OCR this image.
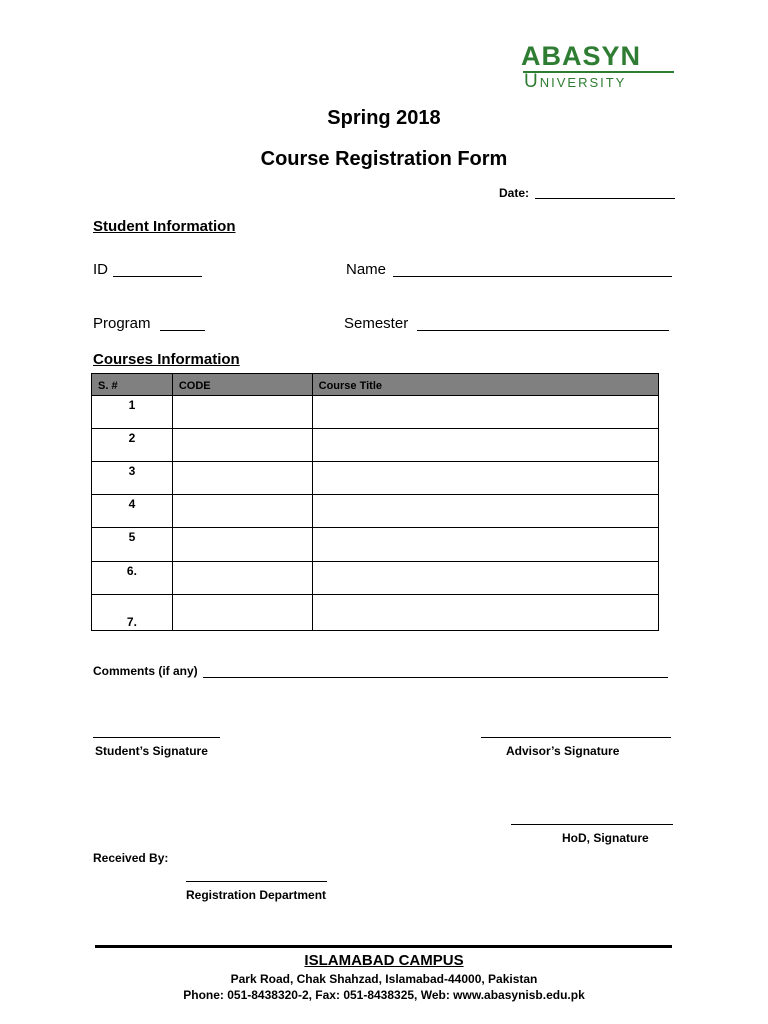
ABASYN
University
Spring 2018
Course Registration Form
Date:
Student Information
ID	Name
Program	Semester
Courses Information
S. #	CODE	Course Title
1		
2		
3		
4		
5		
6.		
7.		
Comments (if any)
Student’s Signature	Advisor’s Signature
HoD, Signature
Received By:
Registration Department
ISLAMABAD CAMPUS
Park Road, Chak Shahzad, Islamabad-44000, Pakistan
Phone: 051-8438320-2, Fax: 051-8438325, Web: www.abasynisb.edu.pk
